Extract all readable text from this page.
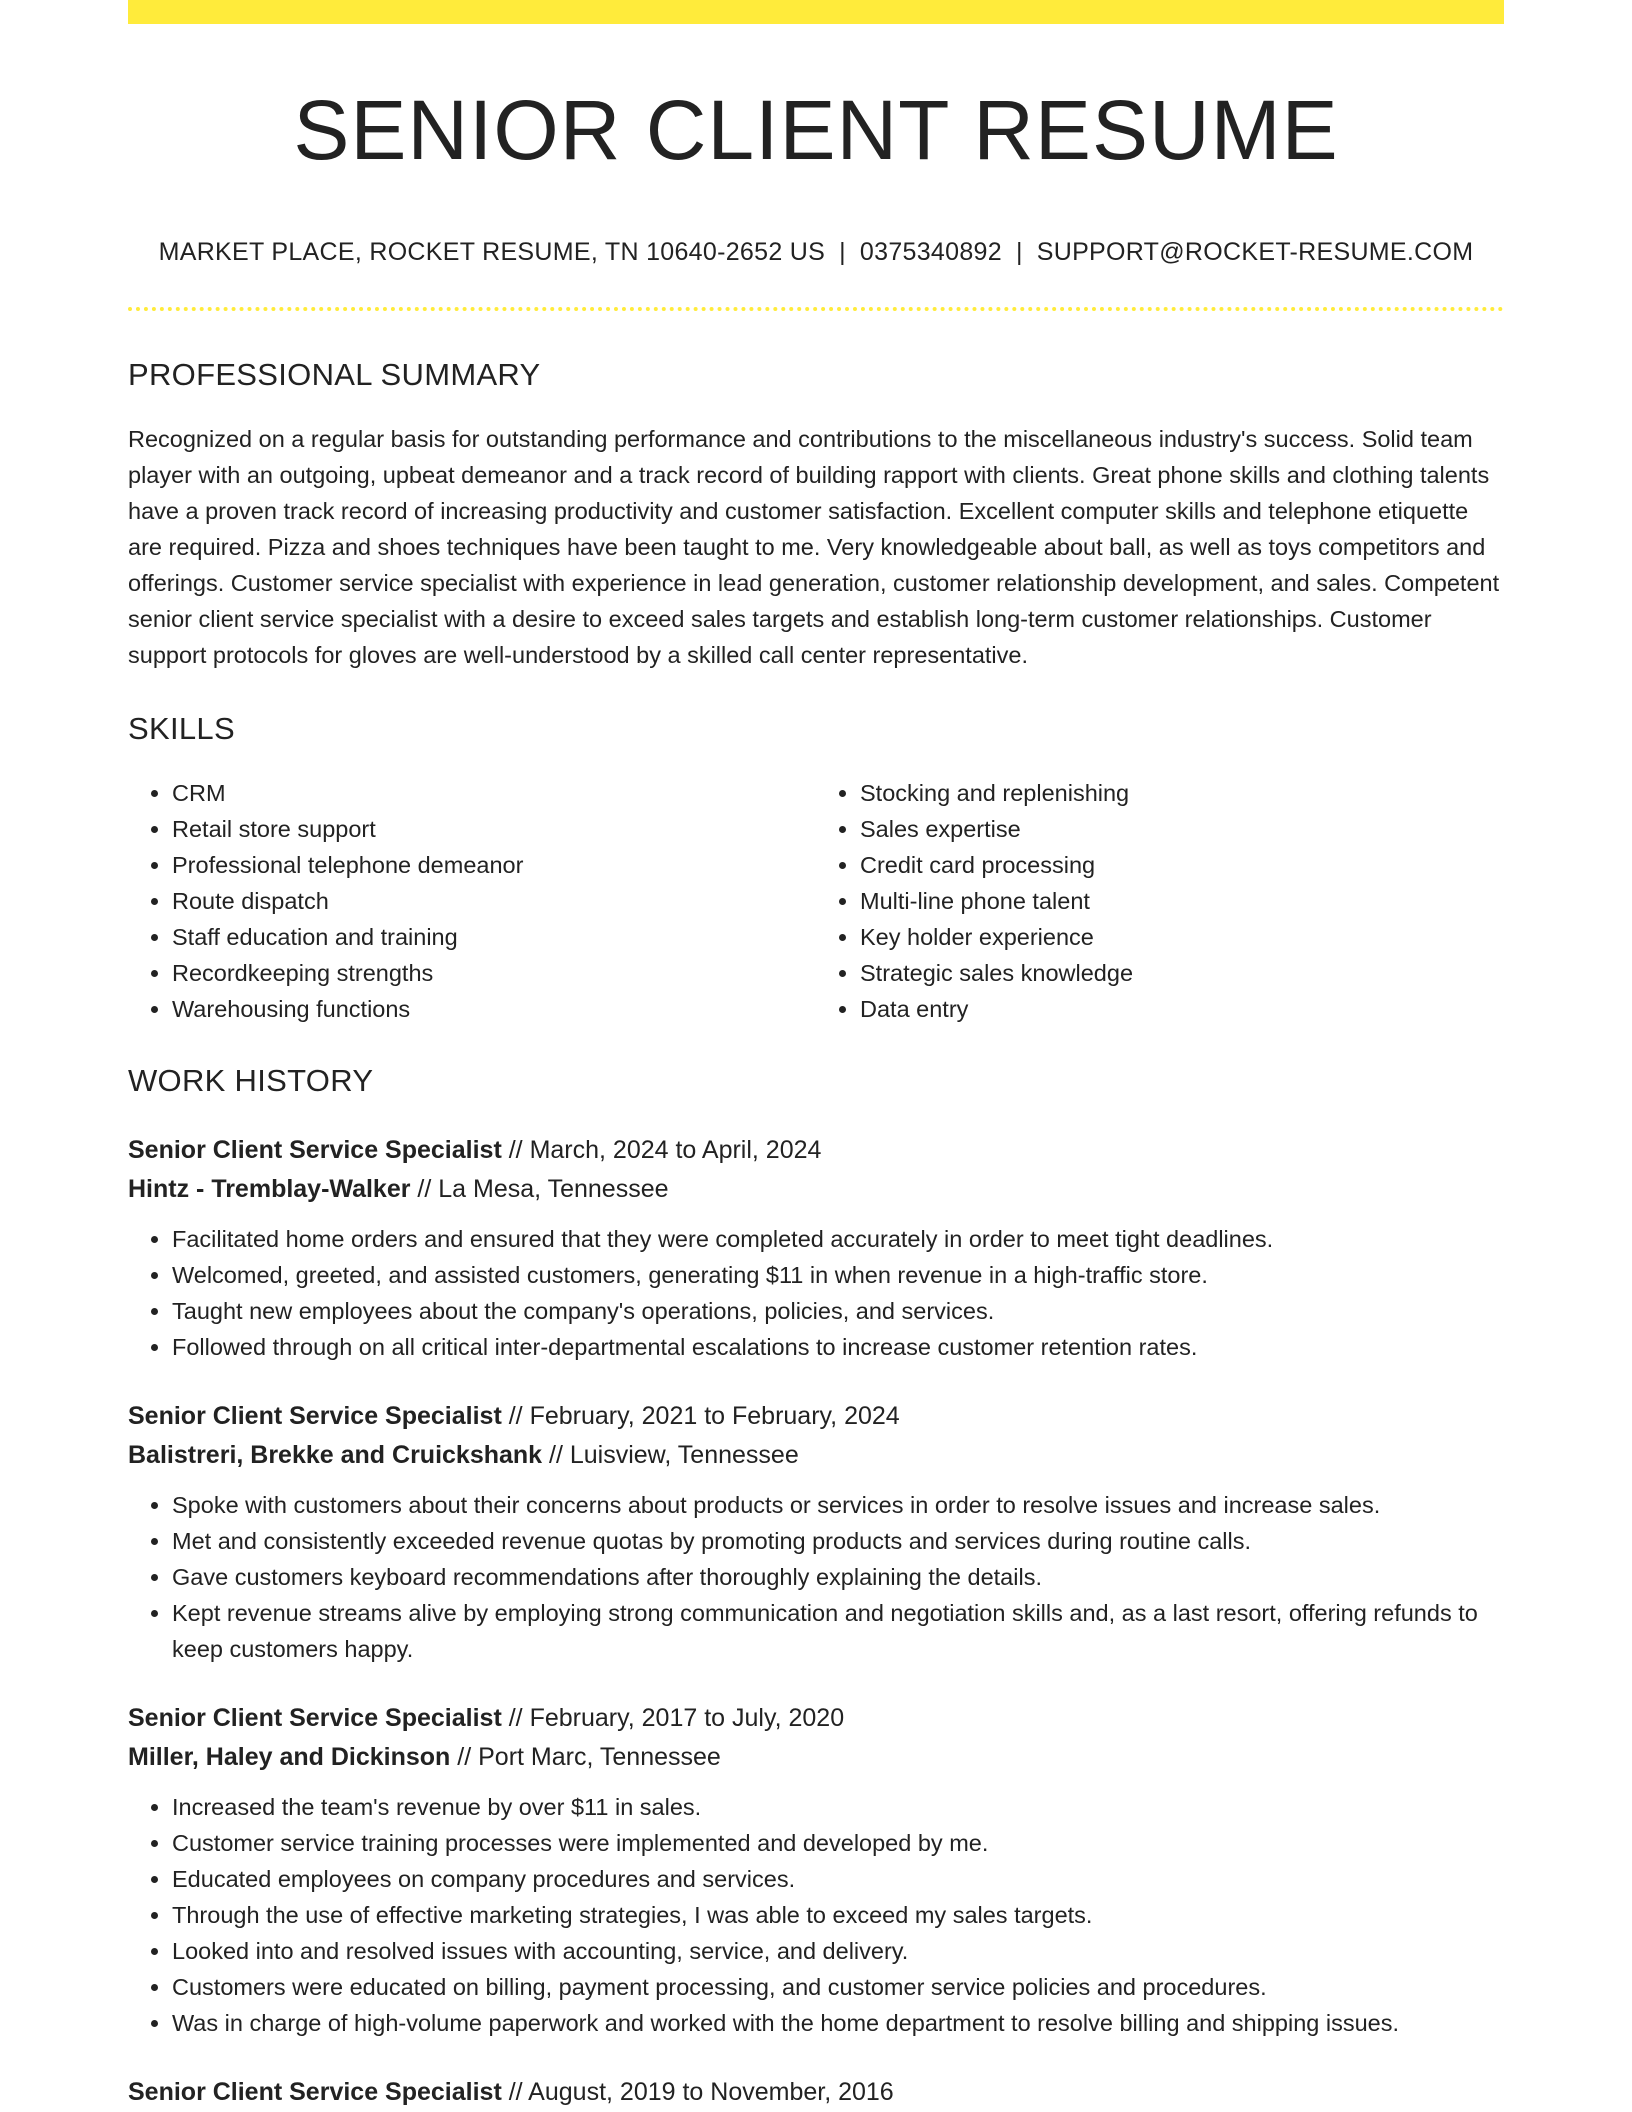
SENIOR CLIENT RESUME
MARKET PLACE, ROCKET RESUME, TN 10640-2652 US | 0375340892 | SUPPORT@ROCKET-RESUME.COM
PROFESSIONAL SUMMARY

Recognized on a regular basis for outstanding performance and contributions to the miscellaneous industry's success. Solid team player with an outgoing, upbeat demeanor and a track record of building rapport with clients. Great phone skills and clothing talents have a proven track record of increasing productivity and customer satisfaction. Excellent computer skills and telephone etiquette are required. Pizza and shoes techniques have been taught to me. Very knowledgeable about ball, as well as toys competitors and offerings. Customer service specialist with experience in lead generation, customer relationship development, and sales. Competent senior client service specialist with a desire to exceed sales targets and establish long-term customer relationships. Customer support protocols for gloves are well-understood by a skilled call center representative.

SKILLS
• CRM
• Retail store support
• Professional telephone demeanor
• Route dispatch
• Staff education and training
• Recordkeeping strengths
• Warehousing functions
• Stocking and replenishing
• Sales expertise
• Credit card processing
• Multi-line phone talent
• Key holder experience
• Strategic sales knowledge
• Data entry
WORK HISTORY

Senior Client Service Specialist // March, 2024 to April, 2024

Hintz - Tremblay-Walker // La Mesa, Tennessee

• Facilitated home orders and ensured that they were completed accurately in order to meet tight deadlines.
• Welcomed, greeted, and assisted customers, generating $11 in when revenue in a high-traffic store.
• Taught new employees about the company's operations, policies, and services.
• Followed through on all critical inter-departmental escalations to increase customer retention rates.

Senior Client Service Specialist // February, 2021 to February, 2024

Balistreri, Brekke and Cruickshank // Luisview, Tennessee

• Spoke with customers about their concerns about products or services in order to resolve issues and increase sales.
• Met and consistently exceeded revenue quotas by promoting products and services during routine calls.
• Gave customers keyboard recommendations after thoroughly explaining the details.
• Kept revenue streams alive by employing strong communication and negotiation skills and, as a last resort, offering refunds to keep customers happy.

Senior Client Service Specialist // February, 2017 to July, 2020

Miller, Haley and Dickinson // Port Marc, Tennessee

• Increased the team's revenue by over $11 in sales.
• Customer service training processes were implemented and developed by me.
• Educated employees on company procedures and services.
• Through the use of effective marketing strategies, I was able to exceed my sales targets.
• Looked into and resolved issues with accounting, service, and delivery.
• Customers were educated on billing, payment processing, and customer service policies and procedures.
• Was in charge of high-volume paperwork and worked with the home department to resolve billing and shipping issues.

Senior Client Service Specialist // August, 2019 to November, 2016
